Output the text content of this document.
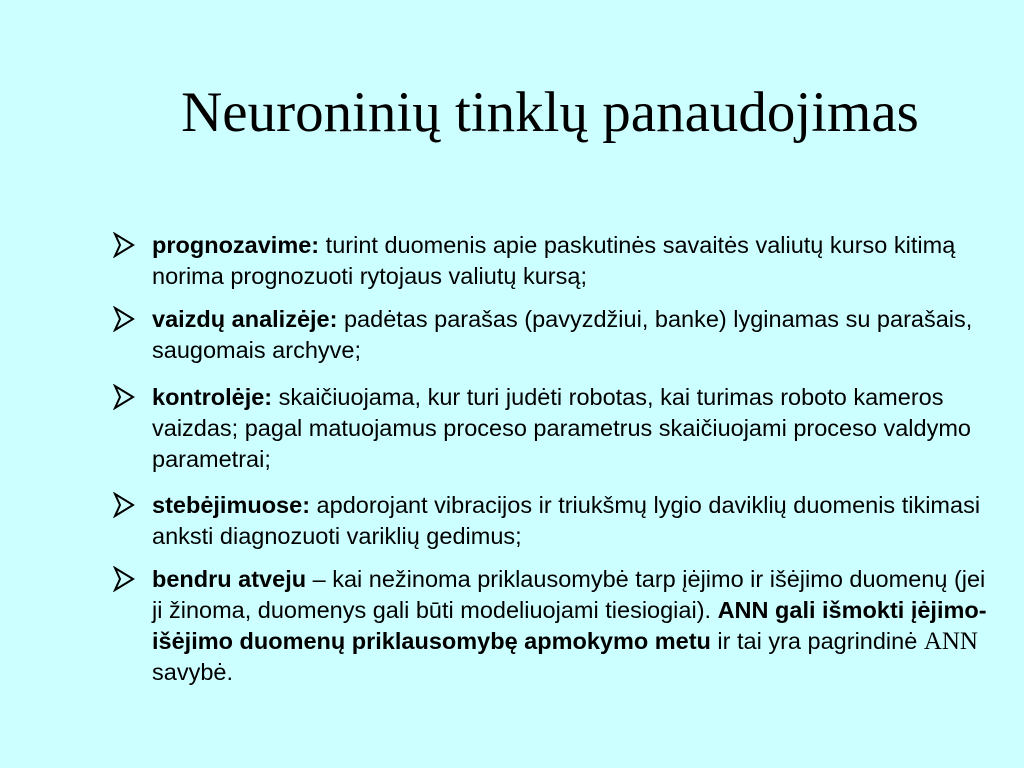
Neuroninių tinklų panaudojimas
prognozavime: turint duomenis apie paskutinės savaitės valiutų kurso kitimą norima prognozuoti rytojaus valiutų kursą;
vaizdų analizėje: padėtas parašas (pavyzdžiui, banke) lyginamas su parašais, saugomais archyve;
kontrolėje: skaičiuojama, kur turi judėti robotas, kai turimas roboto kameros vaizdas; pagal matuojamus proceso parametrus skaičiuojami proceso valdymo parametrai;
stebėjimuose: apdorojant vibracijos ir triukšmų lygio daviklių duomenis tikimasi anksti diagnozuoti variklių gedimus;
bendru atveju – kai nežinoma priklausomybė tarp įėjimo ir išėjimo duomenų (jei ji žinoma, duomenys gali būti modeliuojami tiesiogiai). ANN gali išmokti įėjimo-išėjimo duomenų priklausomybę apmokymo metu ir tai yra pagrindinė ANN savybė.
